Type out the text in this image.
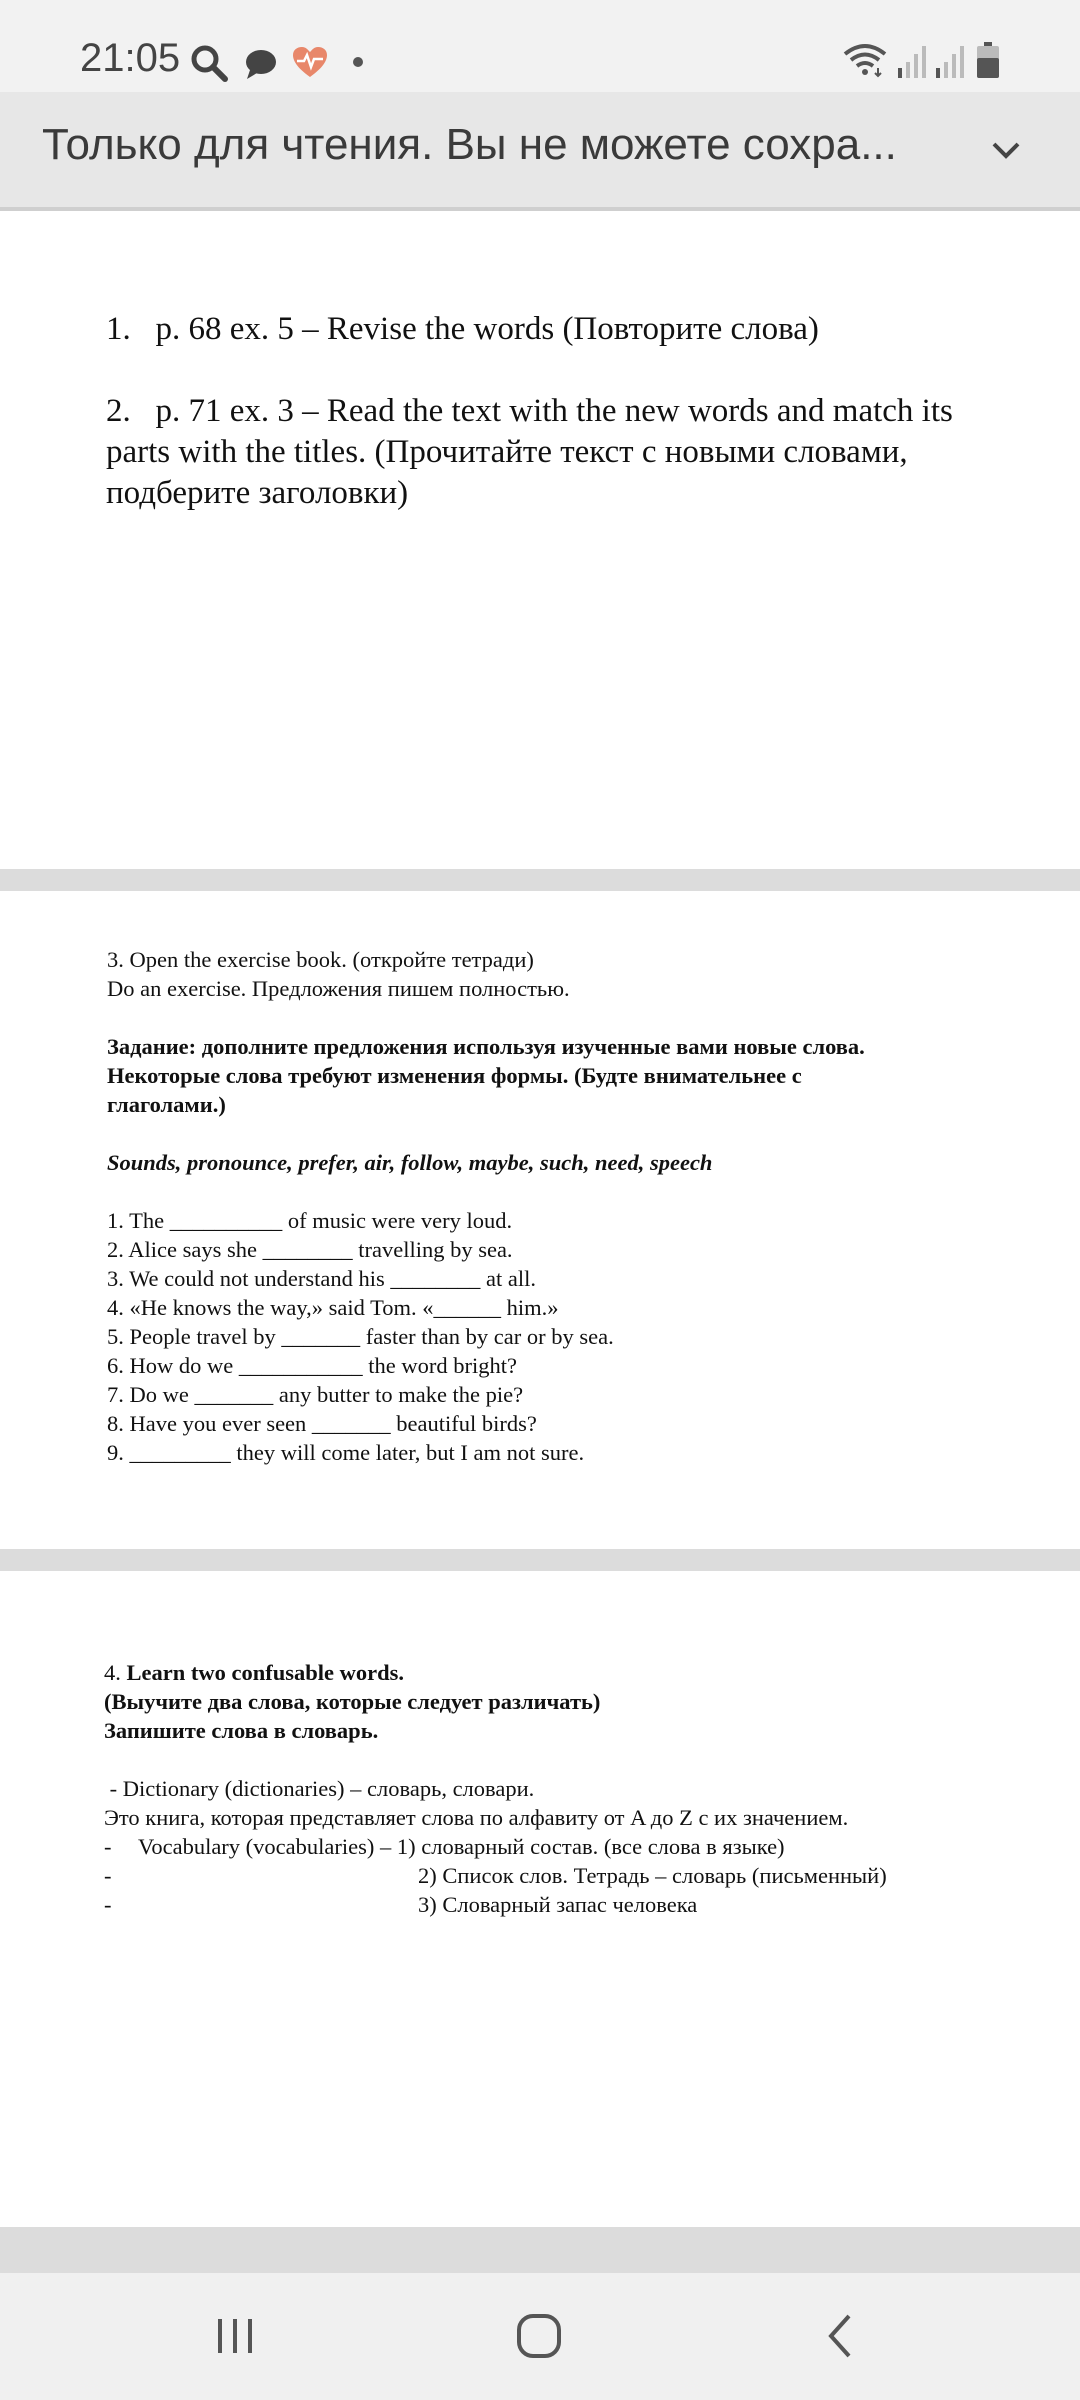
21:05
Только для чтения. Вы не можете сохра...
1. p. 68 ex. 5 – Revise the words (Повторите слова)
2. p. 71 ex. 3 – Read the text with the new words and match its
parts with the titles. (Прочитайте текст с новыми словами,
подберите заголовки)
3. Open the exercise book. (откройте тетради)
Do an exercise. Предложения пишем полностью.
Задание: дополните предложения используя изученные вами новые слова.
Некоторые слова требуют изменения формы. (Будте внимательнее с
глаголами.)
Sounds, pronounce, prefer, air, follow, maybe, such, need, speech
1. The __________ of music were very loud.
2. Alice says she ________ travelling by sea.
3. We could not understand his ________ at all.
4. «He knows the way,» said Tom. «______ him.»
5. People travel by _______ faster than by car or by sea.
6. How do we ___________ the word bright?
7. Do we _______ any butter to make the pie?
8. Have you ever seen _______ beautiful birds?
9. _________ they will come later, but I am not sure.
4. Learn two confusable words.
(Выучите два слова, которые следует различать)
Запишите слова в словарь.
- Dictionary (dictionaries) – словарь, словари.
Это книга, которая представляет слова по алфавиту от A до Z с их значением.
- Vocabulary (vocabularies) – 1) словарный состав. (все слова в языке)
-	2) Список слов. Тетрадь – словарь (письменный)
-	3) Словарный запас человека
